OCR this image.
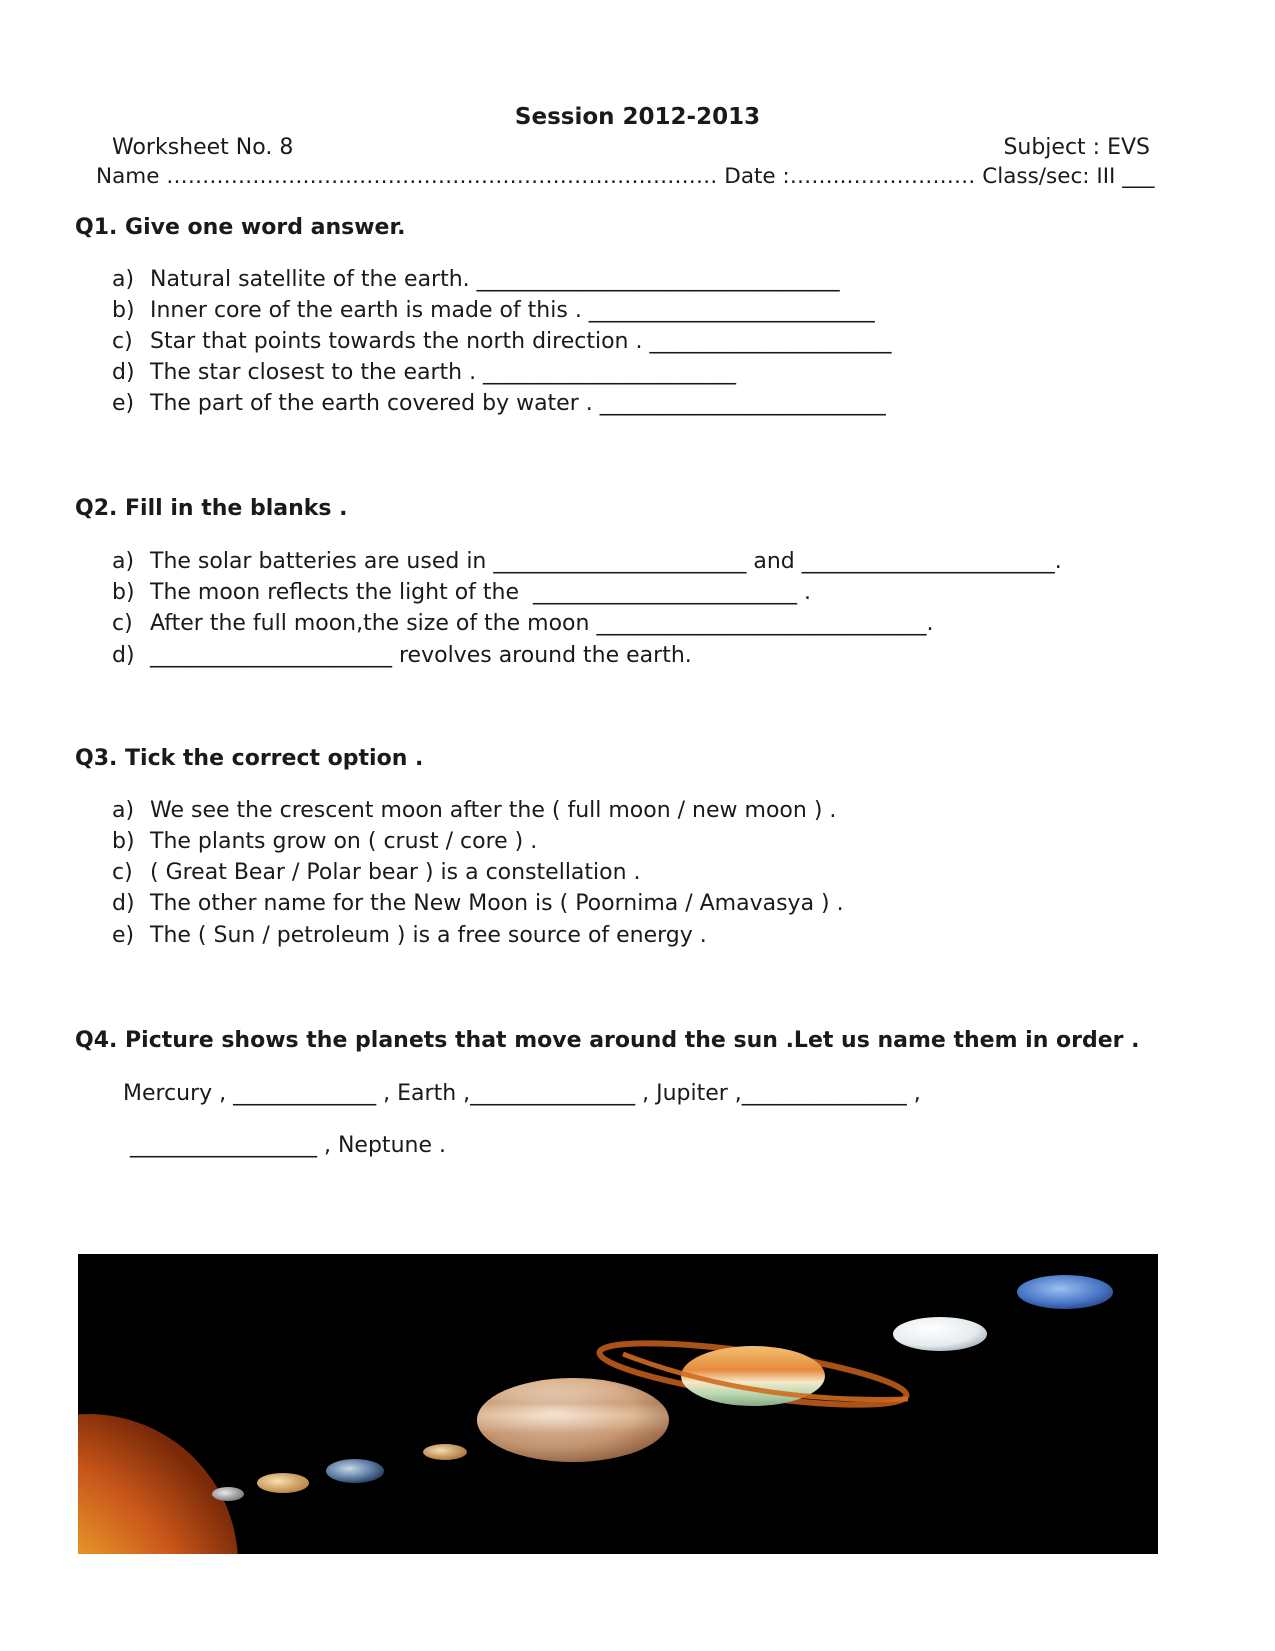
Session 2012-2013
Worksheet No. 8	Subject : EVS
Name ……………………..…………………………………………… Date :……..……………… Class/sec: III ___
Q1. Give one word answer.
a) Natural satellite of the earth. _________________________________
b) Inner core of the earth is made of this . __________________________
c) Star that points towards the north direction . ______________________
d) The star closest to the earth . _______________________
e) The part of the earth covered by water . __________________________
Q2. Fill in the blanks .
a) The solar batteries are used in _______________________ and _______________________.
b) The moon reflects the light of the  ________________________ .
c) After the full moon,the size of the moon ______________________________.
d) ______________________ revolves around the earth.
Q3. Tick the correct option .
a) We see the crescent moon after the ( full moon / new moon ) .
b) The plants grow on ( crust / core ) .
c) ( Great Bear / Polar bear ) is a constellation .
d) The other name for the New Moon is ( Poornima / Amavasya ) .
e) The ( Sun / petroleum ) is a free source of energy .
Q4. Picture shows the planets that move around the sun .Let us name them in order .
Mercury , _____________ , Earth ,_______________ , Jupiter ,_______________ ,
_________________ , Neptune .
